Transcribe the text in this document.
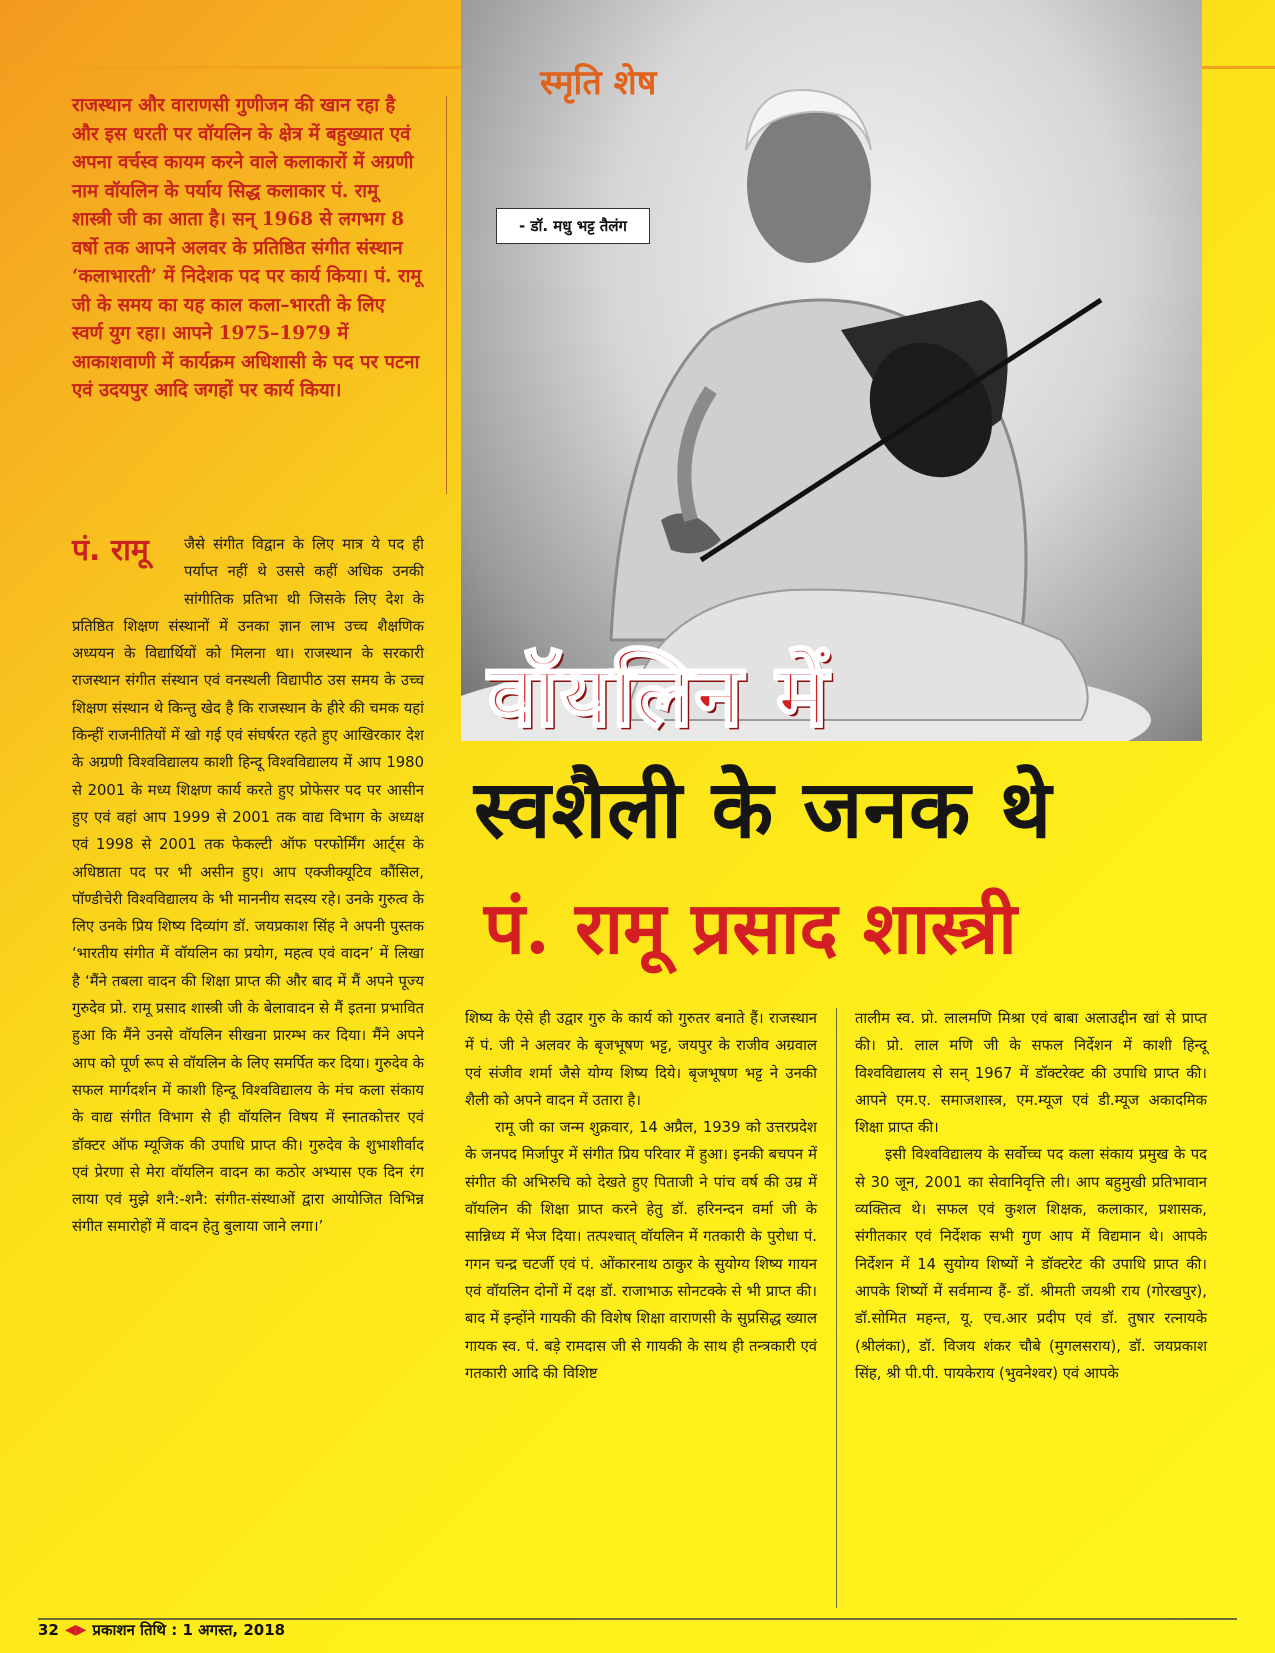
स्मृति शेष
- डॉ. मधु भट्ट तैलंग
राजस्थान और वाराणसी गुणीजन की खान रहा है और इस धरती पर वॉयलिन के क्षेत्र में बहुख्यात एवं अपना वर्चस्व कायम करने वाले कलाकारों में अग्रणी नाम वॉयलिन के पर्याय सिद्ध कलाकार पं. रामू शास्त्री जी का आता है। सन् 1968 से लगभग 8 वर्षो तक आपने अलवर के प्रतिष्ठित संगीत संस्थान ‘कलाभारती’ में निदेशक पद पर कार्य किया। पं. रामू जी के समय का यह काल कला–भारती के लिए स्वर्ण युग रहा। आपने 1975–1979 में आकाशवाणी में कार्यक्रम अधिशासी के पद पर पटना एवं उदयपुर आदि जगहों पर कार्य किया।
पं. रामू	जैसे संगीत विद्वान के लिए मात्र ये पद ही पर्याप्त नहीं थे उससे कहीं अधिक उनकी सांगीतिक प्रतिभा थी जिसके लिए देश के प्रतिष्ठित शिक्षण संस्थानों में उनका ज्ञान लाभ उच्च शैक्षणिक अध्ययन के विद्यार्थियों को मिलना था। राजस्थान के सरकारी राजस्थान संगीत संस्थान एवं वनस्थली विद्यापीठ उस समय के उच्च शिक्षण संस्थान थे किन्तु खेद है कि राजस्थान के हीरे की चमक यहां किन्हीं राजनीतियों में खो गई एवं संघर्षरत रहते हुए आखिरकार देश के अग्रणी विश्वविद्यालय काशी हिन्दू विश्वविद्यालय में आप 1980 से 2001 के मध्य शिक्षण कार्य करते हुए प्रोफेसर पद पर आसीन हुए एवं वहां आप 1999 से 2001 तक वाद्य विभाग के अध्यक्ष एवं 1998 से 2001 तक फेकल्टी ऑफ परफोर्मिंग आर्ट्स के अधिष्ठाता पद पर भी असीन हुए। आप एक्जीक्यूटिव कौंसिल, पॉण्डीचेरी विश्वविद्यालय के भी माननीय सदस्य रहे। उनके गुरुत्व के लिए उनके प्रिय शिष्य दिव्यांग डॉ. जयप्रकाश सिंह ने अपनी पुस्तक ‘भारतीय संगीत में वॉयलिन का प्रयोग, महत्व एवं वादन’ में लिखा है ‘मैंने तबला वादन की शिक्षा प्राप्त की और बाद में मैं अपने पूज्य गुरुदेव प्रो. रामू प्रसाद शास्त्री जी के बेलावादन से मैं इतना प्रभावित हुआ कि मैंने उनसे वॉयलिन सीखना प्रारम्भ कर दिया। मैंने अपने आप को पूर्ण रूप से वॉयलिन के लिए समर्पित कर दिया। गुरुदेव के सफल मार्गदर्शन में काशी हिन्दू विश्वविद्यालय के मंच कला संकाय के वाद्य संगीत विभाग से ही वॉयलिन विषय में स्नातकोत्तर एवं डॉक्टर ऑफ म्यूजिक की उपाधि प्राप्त की। गुरुदेव के शुभाशीर्वाद एवं प्रेरणा से मेरा वॉयलिन वादन का कठोर अभ्यास एक दिन रंग लाया एवं मुझे शनै:-शनै: संगीत-संस्थाओं द्वारा आयोजित विभिन्न संगीत समारोहों में वादन हेतु बुलाया जाने लगा।’
वॉयलिन में
स्वशैली के जनक थे
पं. रामू प्रसाद शास्त्री

शिष्य के ऐसे ही उद्वार गुरु के कार्य को गुरुतर बनाते हैं। राजस्थान में पं. जी ने अलवर के बृजभूषण भट्ट, जयपुर के राजीव अग्रवाल एवं संजीव शर्मा जैसे योग्य शिष्य दिये। बृजभूषण भट्ट ने उनकी शैली को अपने वादन में उतारा है।

रामू जी का जन्म शुक्रवार, 14 अप्रैल, 1939 को उत्तरप्रदेश के जनपद मिर्जापुर में संगीत प्रिय परिवार में हुआ। इनकी बचपन में संगीत की अभिरुचि को देखते हुए पिताजी ने पांच वर्ष की उम्र में वॉयलिन की शिक्षा प्राप्त करने हेतु डॉ. हरिनन्दन वर्मा जी के सान्निध्य में भेज दिया। तत्पश्चात् वॉयलिन में गतकारी के पुरोधा पं. गगन चन्द्र चटर्जी एवं पं. ओंकारनाथ ठाकुर के सुयोग्य शिष्य गायन एवं वॉयलिन दोनों में दक्ष डॉ. राजाभाऊ सोनटक्के से भी प्राप्त की। बाद में इन्होंने गायकी की विशेष शिक्षा वाराणसी के सुप्रसिद्ध ख्याल गायक स्व. पं. बड़े रामदास जी से गायकी के साथ ही तन्त्रकारी एवं गतकारी आदि की विशिष्ट

तालीम स्व. प्रो. लालमणि मिश्रा एवं बाबा अलाउद्दीन खां से प्राप्त की। प्रो. लाल मणि जी के सफल निर्देशन में काशी हिन्दू विश्वविद्यालय से सन् 1967 में डॉक्टरेक्ट की उपाधि प्राप्त की। आपने एम.ए. समाजशास्त्र, एम.म्यूज एवं डी.म्यूज अकादमिक शिक्षा प्राप्त की।

इसी विश्वविद्यालय के सर्वोच्च पद कला संकाय प्रमुख के पद से 30 जून, 2001 का सेवानिवृत्ति ली। आप बहुमुखी प्रतिभावान व्यक्तित्व थे। सफल एवं कुशल शिक्षक, कलाकार, प्रशासक, संगीतकार एवं निर्देशक सभी गुण आप में विद्यमान थे। आपके निर्देशन में 14 सुयोग्य शिष्यों ने डॉक्टरेट की उपाधि प्राप्त की। आपके शिष्यों में सर्वमान्य हैं- डॉ. श्रीमती जयश्री राय (गोरखपुर), डॉ.सोमित महन्त, यू. एच.आर प्रदीप एवं डॉ. तुषार रत्नायके (श्रीलंका), डॉ. विजय शंकर चौबे (मुगलसराय), डॉ. जयप्रकाश सिंह, श्री पी.पी. पायकेराय (भुवनेश्वर) एवं आपके

32 ◀▶ प्रकाशन तिथि : 1 अगस्त, 2018
